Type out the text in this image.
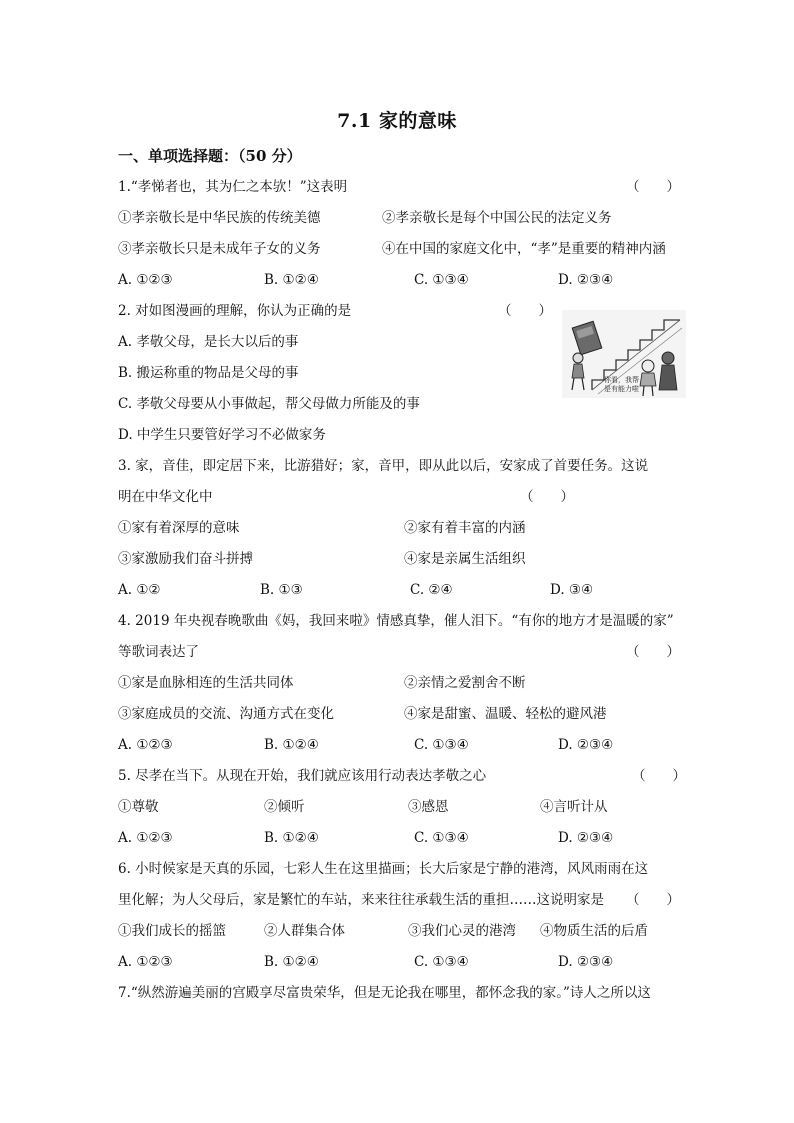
7.1 家的意味
一、单项选择题：（50 分）
1.“孝悌者也，其为仁之本欤！”这表明	（　　）
①孝亲敬长是中华民族的传统美德	②孝亲敬长是每个中国公民的法定义务
③孝亲敬长只是未成年子女的义务	④在中国的家庭文化中，“孝”是重要的精神内涵
A. ①②③	B. ①②④	C. ①③④	D. ②③④
2. 对如图漫画的理解，你认为正确的是	（　　）
A. 孝敬父母，是长大以后的事
B. 搬运称重的物品是父母的事
C. 孝敬父母要从小事做起，帮父母做力所能及的事
D. 中学生只要管好学习不必做家务
你看，我帮
是有能力啦
3. 家，音佳，即定居下来，比游猎好；家，音甲，即从此以后，安家成了首要任务。这说
明在中华文化中	（　　）
①家有着深厚的意味	②家有着丰富的内涵
③家激励我们奋斗拼搏	④家是亲属生活组织
A. ①②	B. ①③	C. ②④	D. ③④
4. 2019 年央视春晚歌曲《妈，我回来啦》情感真挚，催人泪下。“有你的地方才是温暖的家”
等歌词表达了	（　　）
①家是血脉相连的生活共同体	②亲情之爱割舍不断
③家庭成员的交流、沟通方式在变化	④家是甜蜜、温暖、轻松的避风港
A. ①②③	B. ①②④	C. ①③④	D. ②③④
5. 尽孝在当下。从现在开始，我们就应该用行动表达孝敬之心	（　　）
①尊敬	②倾听	③感恩	④言听计从
A. ①②③	B. ①②④	C. ①③④	D. ②③④
6. 小时候家是天真的乐园，七彩人生在这里描画；长大后家是宁静的港湾，风风雨雨在这
里化解；为人父母后，家是繁忙的车站，来来往往承载生活的重担……这说明家是 （　　）
①我们成长的摇篮	②人群集合体	③我们心灵的港湾 ④物质生活的后盾
A. ①②③	B. ①②④	C. ①③④	D. ②③④
7.“纵然游遍美丽的宫殿享尽富贵荣华，但是无论我在哪里，都怀念我的家。”诗人之所以这
